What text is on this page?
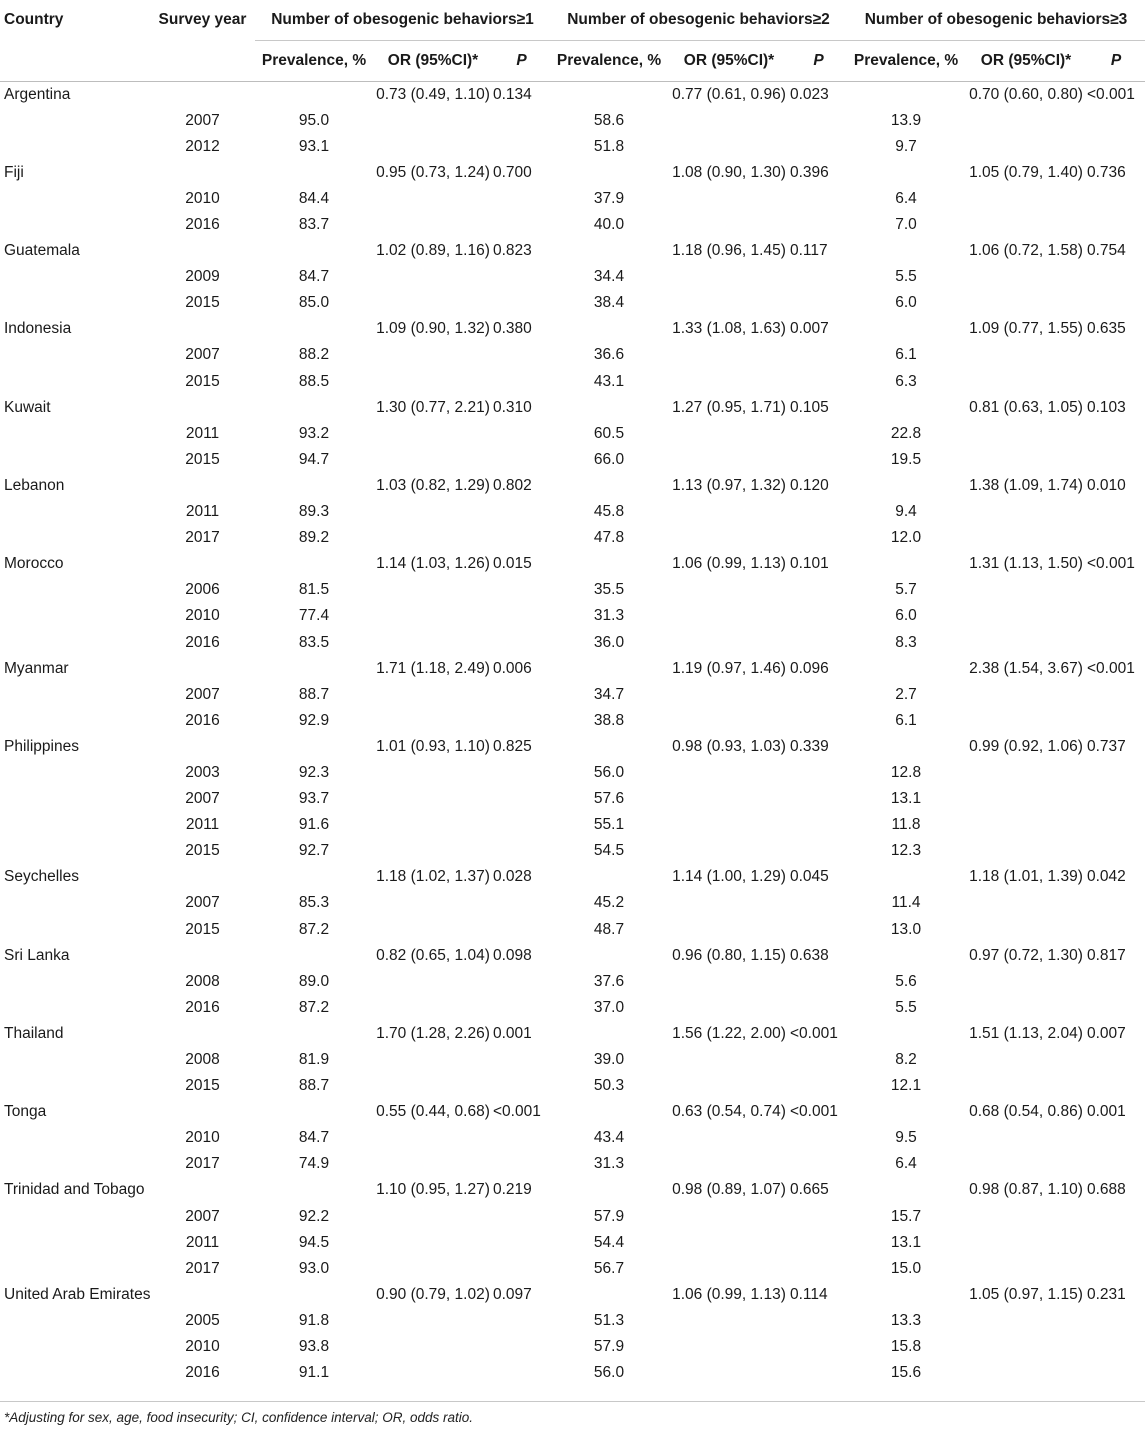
Country	Survey year	Number of obesogenic behaviors≥1			Number of obesogenic behaviors≥2			Number of obesogenic behaviors≥3		
		Prevalence, %	OR (95%CI)*	P	Prevalence, %	OR (95%CI)*	P	Prevalence, %	OR (95%CI)*	P
Argentina			0.73 (0.49, 1.10)	0.134		0.77 (0.61, 0.96)	0.023		0.70 (0.60, 0.80)	<0.001
	2007	95.0			58.6			13.9		
	2012	93.1			51.8			9.7		
Fiji			0.95 (0.73, 1.24)	0.700		1.08 (0.90, 1.30)	0.396		1.05 (0.79, 1.40)	0.736
	2010	84.4			37.9			6.4		
	2016	83.7			40.0			7.0		
Guatemala			1.02 (0.89, 1.16)	0.823		1.18 (0.96, 1.45)	0.117		1.06 (0.72, 1.58)	0.754
	2009	84.7			34.4			5.5		
	2015	85.0			38.4			6.0		
Indonesia			1.09 (0.90, 1.32)	0.380		1.33 (1.08, 1.63)	0.007		1.09 (0.77, 1.55)	0.635
	2007	88.2			36.6			6.1		
	2015	88.5			43.1			6.3		
Kuwait			1.30 (0.77, 2.21)	0.310		1.27 (0.95, 1.71)	0.105		0.81 (0.63, 1.05)	0.103
	2011	93.2			60.5			22.8		
	2015	94.7			66.0			19.5		
Lebanon			1.03 (0.82, 1.29)	0.802		1.13 (0.97, 1.32)	0.120		1.38 (1.09, 1.74)	0.010
	2011	89.3			45.8			9.4		
	2017	89.2			47.8			12.0		
Morocco			1.14 (1.03, 1.26)	0.015		1.06 (0.99, 1.13)	0.101		1.31 (1.13, 1.50)	<0.001
	2006	81.5			35.5			5.7		
	2010	77.4			31.3			6.0		
	2016	83.5			36.0			8.3		
Myanmar			1.71 (1.18, 2.49)	0.006		1.19 (0.97, 1.46)	0.096		2.38 (1.54, 3.67)	<0.001
	2007	88.7			34.7			2.7		
	2016	92.9			38.8			6.1		
Philippines			1.01 (0.93, 1.10)	0.825		0.98 (0.93, 1.03)	0.339		0.99 (0.92, 1.06)	0.737
	2003	92.3			56.0			12.8		
	2007	93.7			57.6			13.1		
	2011	91.6			55.1			11.8		
	2015	92.7			54.5			12.3		
Seychelles			1.18 (1.02, 1.37)	0.028		1.14 (1.00, 1.29)	0.045		1.18 (1.01, 1.39)	0.042
	2007	85.3			45.2			11.4		
	2015	87.2			48.7			13.0		
Sri Lanka			0.82 (0.65, 1.04)	0.098		0.96 (0.80, 1.15)	0.638		0.97 (0.72, 1.30)	0.817
	2008	89.0			37.6			5.6		
	2016	87.2			37.0			5.5		
Thailand			1.70 (1.28, 2.26)	0.001		1.56 (1.22, 2.00)	<0.001		1.51 (1.13, 2.04)	0.007
	2008	81.9			39.0			8.2		
	2015	88.7			50.3			12.1		
Tonga			0.55 (0.44, 0.68)	<0.001		0.63 (0.54, 0.74)	<0.001		0.68 (0.54, 0.86)	0.001
	2010	84.7			43.4			9.5		
	2017	74.9			31.3			6.4		
Trinidad and Tobago			1.10 (0.95, 1.27)	0.219		0.98 (0.89, 1.07)	0.665		0.98 (0.87, 1.10)	0.688
	2007	92.2			57.9			15.7		
	2011	94.5			54.4			13.1		
	2017	93.0			56.7			15.0		
United Arab Emirates			0.90 (0.79, 1.02)	0.097		1.06 (0.99, 1.13)	0.114		1.05 (0.97, 1.15)	0.231
	2005	91.8			51.3			13.3		
	2010	93.8			57.9			15.8		
	2016	91.1			56.0			15.6		
*Adjusting for sex, age, food insecurity; CI, confidence interval; OR, odds ratio.
